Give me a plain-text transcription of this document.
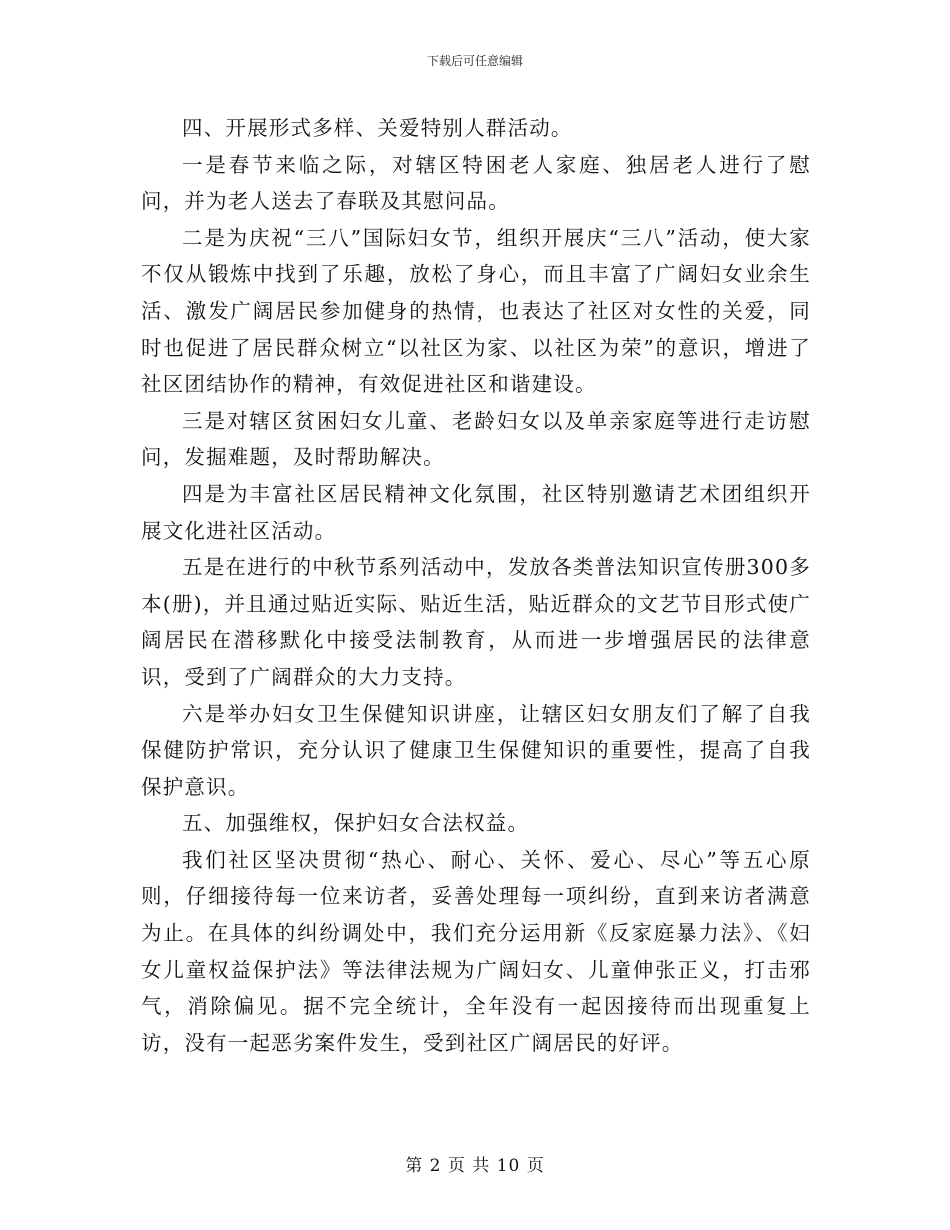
下载后可任意编辑

四、开展形式多样、关爱特别人群活动。

一是春节来临之际，对辖区特困老人家庭、独居老人进行了慰问，并为老人送去了春联及其慰问品。

二是为庆祝“三八”国际妇女节，组织开展庆“三八”活动，使大家不仅从锻炼中找到了乐趣，放松了身心，而且丰富了广阔妇女业余生活、激发广阔居民参加健身的热情，也表达了社区对女性的关爱，同时也促进了居民群众树立“以社区为家、以社区为荣”的意识，增进了社区团结协作的精神，有效促进社区和谐建设。

三是对辖区贫困妇女儿童、老龄妇女以及单亲家庭等进行走访慰问，发掘难题，及时帮助解决。

四是为丰富社区居民精神文化氛围，社区特别邀请艺术团组织开展文化进社区活动。

五是在进行的中秋节系列活动中，发放各类普法知识宣传册300多本(册)，并且通过贴近实际、贴近生活，贴近群众的文艺节目形式使广阔居民在潜移默化中接受法制教育，从而进一步增强居民的法律意识，受到了广阔群众的大力支持。

六是举办妇女卫生保健知识讲座，让辖区妇女朋友们了解了自我保健防护常识，充分认识了健康卫生保健知识的重要性，提高了自我保护意识。

五、加强维权，保护妇女合法权益。

我们社区坚决贯彻“热心、耐心、关怀、爱心、尽心”等五心原则，仔细接待每一位来访者，妥善处理每一项纠纷，直到来访者满意为止。在具体的纠纷调处中，我们充分运用新《反家庭暴力法》、《妇女儿童权益保护法》等法律法规为广阔妇女、儿童伸张正义，打击邪气，消除偏见。据不完全统计，全年没有一起因接待而出现重复上访，没有一起恶劣案件发生，受到社区广阔居民的好评。

第 2 页 共 10 页
